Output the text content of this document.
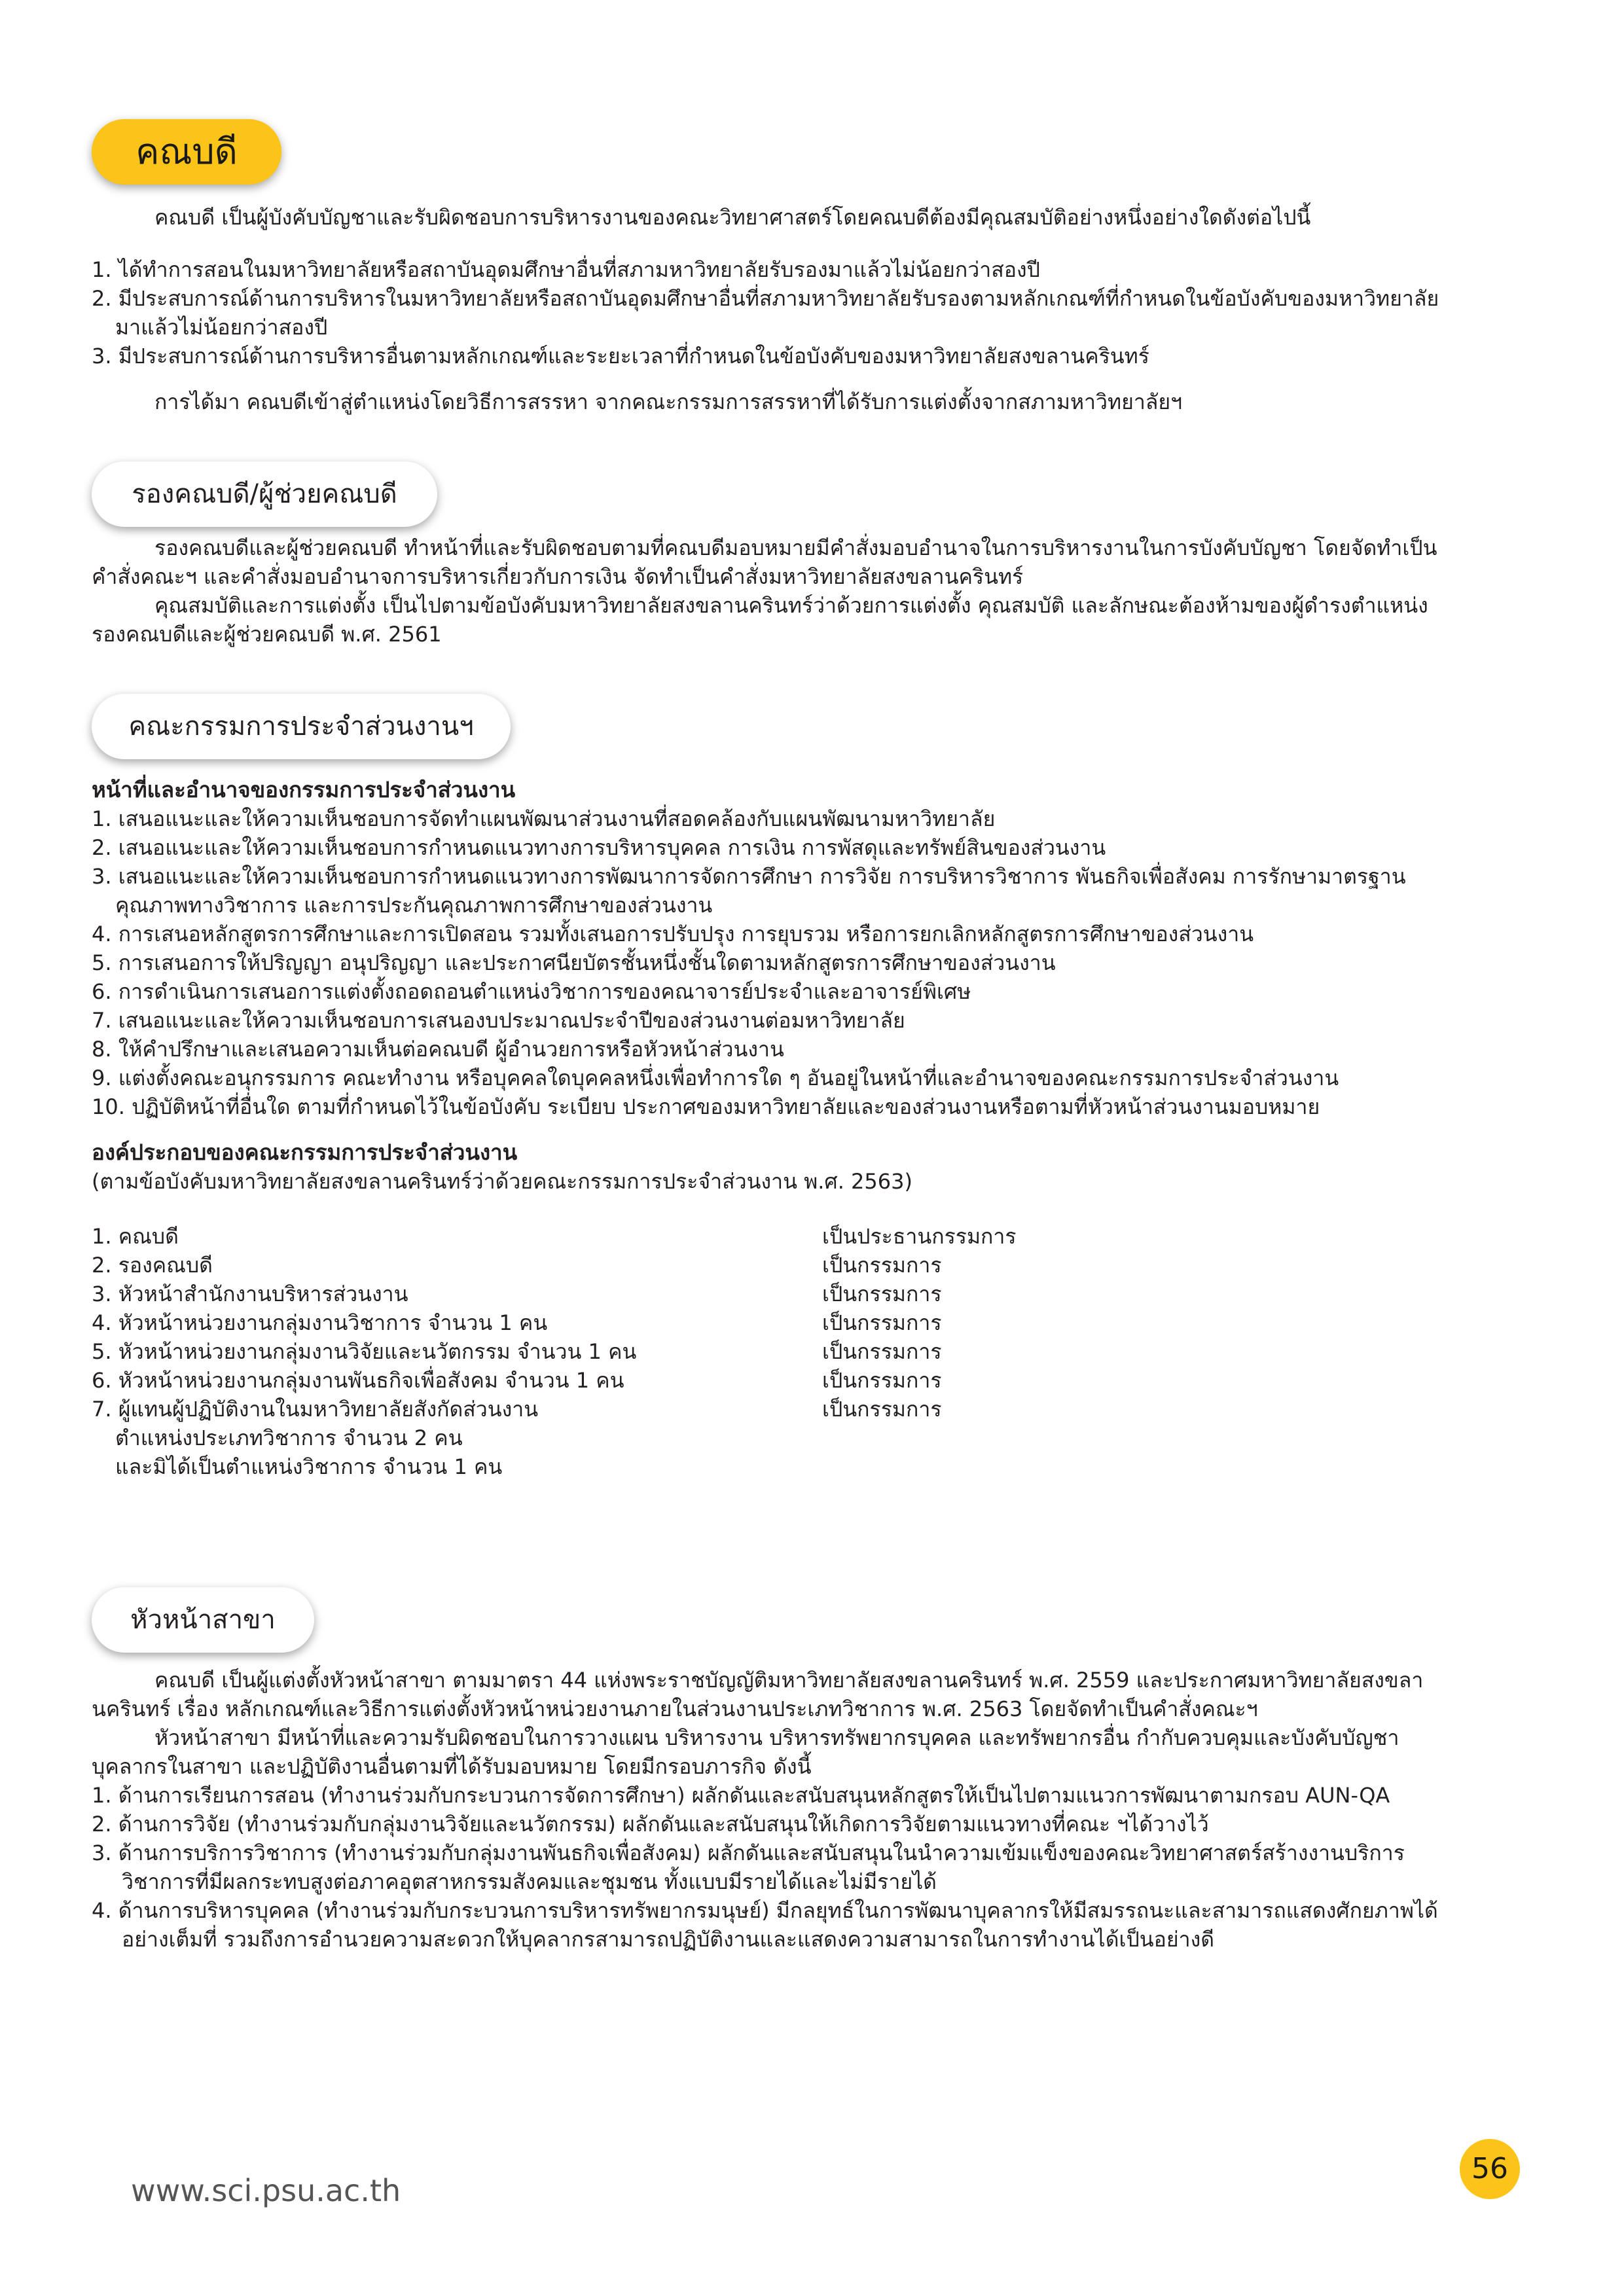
คณบดี

คณบดี เป็นผู้บังคับบัญชาและรับผิดชอบการบริหารงานของคณะวิทยาศาสตร์โดยคณบดีต้องมีคุณสมบัติอย่างหนึ่งอย่างใดดังต่อไปนี้

1. ได้ทำการสอนในมหาวิทยาลัยหรือสถาบันอุดมศึกษาอื่นที่สภามหาวิทยาลัยรับรองมาแล้วไม่น้อยกว่าสองปี
2. มีประสบการณ์ด้านการบริหารในมหาวิทยาลัยหรือสถาบันอุดมศึกษาอื่นที่สภามหาวิทยาลัยรับรองตามหลักเกณฑ์ที่กำหนดในข้อบังคับของมหาวิทยาลัยมาแล้วไม่น้อยกว่าสองปี
3. มีประสบการณ์ด้านการบริหารอื่นตามหลักเกณฑ์และระยะเวลาที่กำหนดในข้อบังคับของมหาวิทยาลัยสงขลานครินทร์

การได้มา คณบดีเข้าสู่ตำแหน่งโดยวิธีการสรรหา จากคณะกรรมการสรรหาที่ได้รับการแต่งตั้งจากสภามหาวิทยาลัยฯ

รองคณบดี/ผู้ช่วยคณบดี

รองคณบดีและผู้ช่วยคณบดี ทำหน้าที่และรับผิดชอบตามที่คณบดีมอบหมายมีคำสั่งมอบอำนาจในการบริหารงานในการบังคับบัญชา โดยจัดทำเป็นคำสั่งคณะฯ และคำสั่งมอบอำนาจการบริหารเกี่ยวกับการเงิน จัดทำเป็นคำสั่งมหาวิทยาลัยสงขลานครินทร์

คุณสมบัติและการแต่งตั้ง เป็นไปตามข้อบังคับมหาวิทยาลัยสงขลานครินทร์ว่าด้วยการแต่งตั้ง คุณสมบัติ และลักษณะต้องห้ามของผู้ดำรงตำแหน่งรองคณบดีและผู้ช่วยคณบดี พ.ศ. 2561

คณะกรรมการประจำส่วนงานฯ
หน้าที่และอำนาจของกรรมการประจำส่วนงาน
1. เสนอแนะและให้ความเห็นชอบการจัดทำแผนพัฒนาส่วนงานที่สอดคล้องกับแผนพัฒนามหาวิทยาลัย
2. เสนอแนะและให้ความเห็นชอบการกำหนดแนวทางการบริหารบุคคล การเงิน การพัสดุและทรัพย์สินของส่วนงาน
3. เสนอแนะและให้ความเห็นชอบการกำหนดแนวทางการพัฒนาการจัดการศึกษา การวิจัย การบริหารวิชาการ พันธกิจเพื่อสังคม การรักษามาตรฐานคุณภาพทางวิชาการ และการประกันคุณภาพการศึกษาของส่วนงาน
4. การเสนอหลักสูตรการศึกษาและการเปิดสอน รวมทั้งเสนอการปรับปรุง การยุบรวม หรือการยกเลิกหลักสูตรการศึกษาของส่วนงาน
5. การเสนอการให้ปริญญา อนุปริญญา และประกาศนียบัตรชั้นหนึ่งชั้นใดตามหลักสูตรการศึกษาของส่วนงาน
6. การดำเนินการเสนอการแต่งตั้งถอดถอนตำแหน่งวิชาการของคณาจารย์ประจำและอาจารย์พิเศษ
7. เสนอแนะและให้ความเห็นชอบการเสนองบประมาณประจำปีของส่วนงานต่อมหาวิทยาลัย
8. ให้คำปรึกษาและเสนอความเห็นต่อคณบดี ผู้อำนวยการหรือหัวหน้าส่วนงาน
9. แต่งตั้งคณะอนุกรรมการ คณะทำงาน หรือบุคคลใดบุคคลหนึ่งเพื่อทำการใด ๆ อันอยู่ในหน้าที่และอำนาจของคณะกรรมการประจำส่วนงาน
10. ปฏิบัติหน้าที่อื่นใด ตามที่กำหนดไว้ในข้อบังคับ ระเบียบ ประกาศของมหาวิทยาลัยและของส่วนงานหรือตามที่หัวหน้าส่วนงานมอบหมาย
องค์ประกอบของคณะกรรมการประจำส่วนงาน
(ตามข้อบังคับมหาวิทยาลัยสงขลานครินทร์ว่าด้วยคณะกรรมการประจำส่วนงาน พ.ศ. 2563)
1. คณบดี	เป็นประธานกรรมการ
2. รองคณบดี	เป็นกรรมการ
3. หัวหน้าสำนักงานบริหารส่วนงาน	เป็นกรรมการ
4. หัวหน้าหน่วยงานกลุ่มงานวิชาการ จำนวน 1 คน	เป็นกรรมการ
5. หัวหน้าหน่วยงานกลุ่มงานวิจัยและนวัตกรรม จำนวน 1 คน	เป็นกรรมการ
6. หัวหน้าหน่วยงานกลุ่มงานพันธกิจเพื่อสังคม จำนวน 1 คน	เป็นกรรมการ
7. ผู้แทนผู้ปฏิบัติงานในมหาวิทยาลัยสังกัดส่วนงาน	เป็นกรรมการ
ตำแหน่งประเภทวิชาการ จำนวน 2 คน
และมิได้เป็นตำแหน่งวิชาการ จำนวน 1 คน
หัวหน้าสาขา

คณบดี เป็นผู้แต่งตั้งหัวหน้าสาขา ตามมาตรา 44 แห่งพระราชบัญญัติมหาวิทยาลัยสงขลานครินทร์ พ.ศ. 2559 และประกาศมหาวิทยาลัยสงขลานครินทร์ เรื่อง หลักเกณฑ์และวิธีการแต่งตั้งหัวหน้าหน่วยงานภายในส่วนงานประเภทวิชาการ พ.ศ. 2563 โดยจัดทำเป็นคำสั่งคณะฯ

หัวหน้าสาขา มีหน้าที่และความรับผิดชอบในการวางแผน บริหารงาน บริหารทรัพยากรบุคคล และทรัพยากรอื่น กำกับควบคุมและบังคับบัญชาบุคลากรในสาขา และปฏิบัติงานอื่นตามที่ได้รับมอบหมาย โดยมีกรอบภารกิจ ดังนี้

1. ด้านการเรียนการสอน (ทำงานร่วมกับกระบวนการจัดการศึกษา) ผลักดันและสนับสนุนหลักสูตรให้เป็นไปตามแนวการพัฒนาตามกรอบ AUN-QA
2. ด้านการวิจัย (ทำงานร่วมกับกลุ่มงานวิจัยและนวัตกรรม) ผลักดันและสนับสนุนให้เกิดการวิจัยตามแนวทางที่คณะ ฯได้วางไว้
3. ด้านการบริการวิชาการ (ทำงานร่วมกับกลุ่มงานพันธกิจเพื่อสังคม) ผลักดันและสนับสนุนในนำความเข้มแข็งของคณะวิทยาศาสตร์สร้างงานบริการวิชาการที่มีผลกระทบสูงต่อภาคอุตสาหกรรมสังคมและชุมชน ทั้งแบบมีรายได้และไม่มีรายได้
4. ด้านการบริหารบุคคล (ทำงานร่วมกับกระบวนการบริหารทรัพยากรมนุษย์) มีกลยุทธ์ในการพัฒนาบุคลากรให้มีสมรรถนะและสามารถแสดงศักยภาพได้อย่างเต็มที่ รวมถึงการอำนวยความสะดวกให้บุคลากรสามารถปฏิบัติงานและแสดงความสามารถในการทำงานได้เป็นอย่างดี
www.sci.psu.ac.th
56
